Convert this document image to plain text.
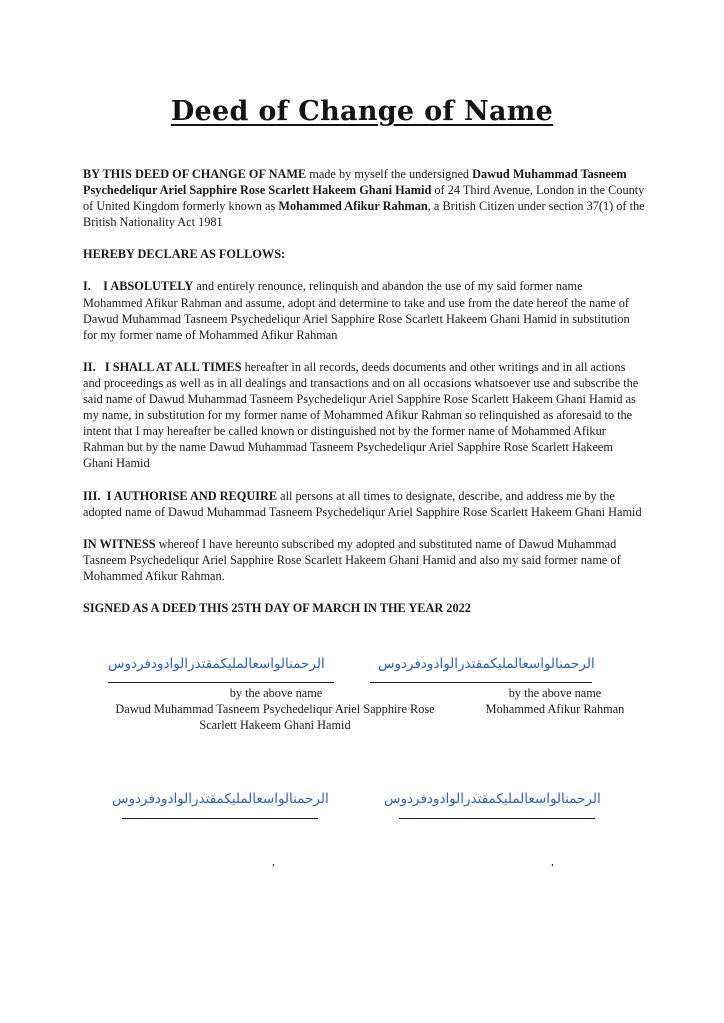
Deed of Change of Name

BY THIS DEED OF CHANGE OF NAME made by myself the undersigned Dawud Muhammad Tasneem Psychedeliqur Ariel Sapphire Rose Scarlett Hakeem Ghani Hamid of 24 Third Avenue, London in the County of United Kingdom formerly known as Mohammed Afikur Rahman, a British Citizen under section 37(1) of the British Nationality Act 1981

HEREBY DECLARE AS FOLLOWS:

I.    I ABSOLUTELY and entirely renounce, relinquish and abandon the use of my said former name Mohammed Afikur Rahman and assume, adopt and determine to take and use from the date hereof the name of Dawud Muhammad Tasneem Psychedeliqur Ariel Sapphire Rose Scarlett Hakeem Ghani Hamid in substitution for my former name of Mohammed Afikur Rahman

II.   I SHALL AT ALL TIMES hereafter in all records, deeds documents and other writings and in all actions and proceedings as well as in all dealings and transactions and on all occasions whatsoever use and subscribe the said name of Dawud Muhammad Tasneem Psychedeliqur Ariel Sapphire Rose Scarlett Hakeem Ghani Hamid as my name, in substitution for my former name of Mohammed Afikur Rahman so relinquished as aforesaid to the intent that I may hereafter be called known or distinguished not by the former name of Mohammed Afikur Rahman but by the name Dawud Muhammad Tasneem Psychedeliqur Ariel Sapphire Rose Scarlett Hakeem Ghani Hamid

III.  I AUTHORISE AND REQUIRE all persons at all times to designate, describe, and address me by the adopted name of Dawud Muhammad Tasneem Psychedeliqur Ariel Sapphire Rose Scarlett Hakeem Ghani Hamid

IN WITNESS whereof I have hereunto subscribed my adopted and substituted name of Dawud Muhammad Tasneem Psychedeliqur Ariel Sapphire Rose Scarlett Hakeem Ghani Hamid and also my said former name of Mohammed Afikur Rahman.

SIGNED AS A DEED THIS 25TH DAY OF MARCH IN THE YEAR 2022

الرحمنالواسعالمليكمقتدرالوادودفردوس	الرحمنالواسعالمليكمقتدرالوادودفردوس
by the above name
Dawud Muhammad Tasneem Psychedeliqur Ariel Sapphire Rose Scarlett Hakeem Ghani Hamid
by the above name
Mohammed Afikur Rahman
الرحمنالواسعالمليكمقتدرالوادودفردوس	الرحمنالواسعالمليكمقتدرالوادودفردوس
,	,
